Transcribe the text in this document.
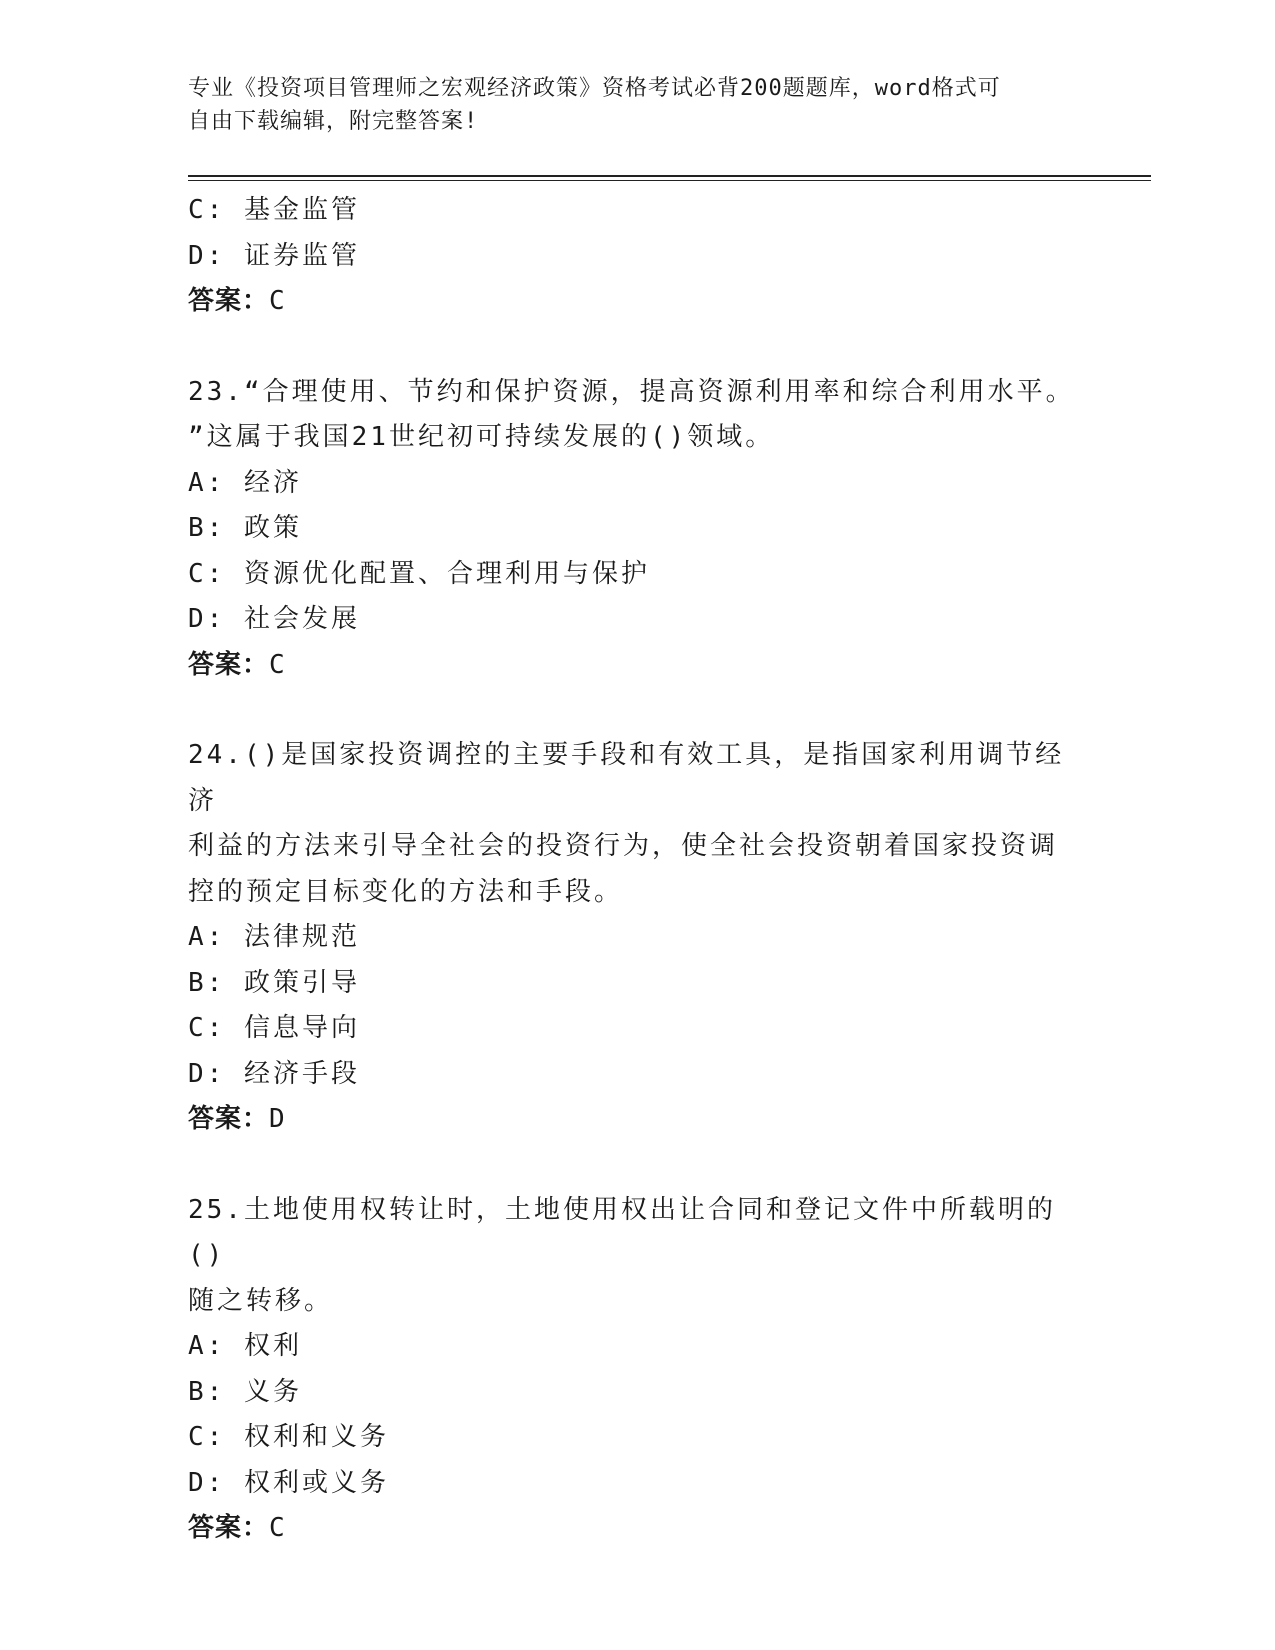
专业《投资项目管理师之宏观经济政策》资格考试必背200题题库，word格式可
自由下载编辑，附完整答案!
C: 基金监管
D: 证券监管
答案：C
23.“合理使用、节约和保护资源，提高资源利用率和综合利用水平。
”这属于我国21世纪初可持续发展的()领域。
A: 经济
B: 政策
C: 资源优化配置、合理利用与保护
D: 社会发展
答案：C
24.()是国家投资调控的主要手段和有效工具，是指国家利用调节经济
利益的方法来引导全社会的投资行为，使全社会投资朝着国家投资调
控的预定目标变化的方法和手段。
A: 法律规范
B: 政策引导
C: 信息导向
D: 经济手段
答案：D
25.土地使用权转让时，土地使用权出让合同和登记文件中所载明的()
随之转移。
A: 权利
B: 义务
C: 权利和义务
D: 权利或义务
答案：C
